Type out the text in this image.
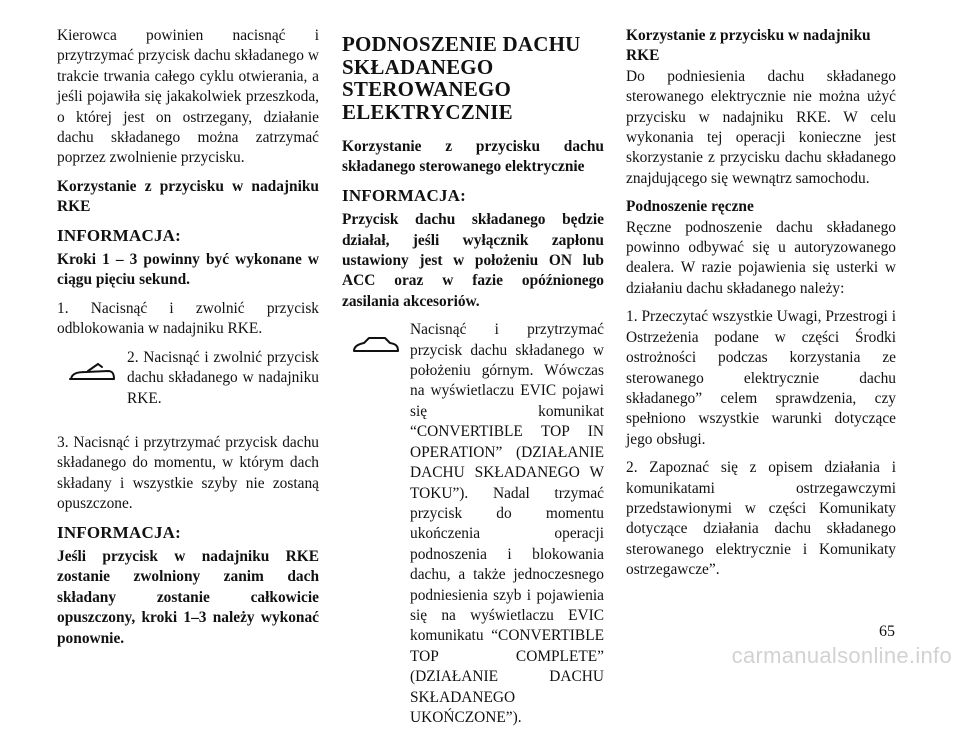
Kierowca powinien nacisnąć i przytrzymać przycisk dachu składanego w trakcie trwania całego cyklu otwierania, a jeśli pojawiła się jakakolwiek przeszkoda, o której jest on ostrzegany, działanie dachu składanego można zatrzymać poprzez zwolnienie przycisku.

Korzystanie z przycisku w nadajniku RKE

INFORMACJA:

Kroki 1 – 3 powinny być wykonane w ciągu pięciu sekund.

1. Nacisnąć i zwolnić przycisk odblokowania w nadajniku RKE.

2. Nacisnąć i zwolnić przycisk dachu składanego w nadajniku RKE.

3. Nacisnąć i przytrzymać przycisk dachu składanego do momentu, w którym dach składany i wszystkie szyby nie zostaną opuszczone.

INFORMACJA:

Jeśli przycisk w nadajniku RKE zostanie zwolniony zanim dach składany zostanie całkowicie opuszczony, kroki 1–3 należy wykonać ponownie.

PODNOSZENIE DACHU SKŁADANEGO STEROWANEGO ELEKTRYCZNIE

Korzystanie z przycisku dachu składanego sterowanego elektrycznie

INFORMACJA:

Przycisk dachu składanego będzie działał, jeśli wyłącznik zapłonu ustawiony jest w położeniu ON lub ACC oraz w fazie opóźnionego zasilania akcesoriów.

Nacisnąć i przytrzymać przycisk dachu składanego w położeniu górnym. Wówczas na wyświetlaczu EVIC pojawi się komunikat “CONVERTIBLE TOP IN OPERATION” (DZIAŁANIE DACHU SKŁADANEGO W TOKU”). Nadal trzymać przycisk do momentu ukończenia operacji podnoszenia i blokowania dachu, a także jednoczesnego podniesienia szyb i pojawienia się na wyświetlaczu EVIC komunikatu “CONVERTIBLE TOP COMPLETE” (DZIAŁANIE DACHU SKŁADANEGO UKOŃCZONE”).
Korzystanie z przycisku w nadajniku RKE

Do podniesienia dachu składanego sterowanego elektrycznie nie można użyć przycisku w nadajniku RKE. W celu wykonania tej operacji konieczne jest skorzystanie z przycisku dachu składanego znajdującego się wewnątrz samochodu.

Podnoszenie ręczne

Ręczne podnoszenie dachu składanego powinno odbywać się u autoryzowanego dealera. W razie pojawienia się usterki w działaniu dachu składanego należy:

1. Przeczytać wszystkie Uwagi, Przestrogi i Ostrzeżenia podane w części Środki ostrożności podczas korzystania ze sterowanego elektrycznie dachu składanego” celem sprawdzenia, czy spełniono wszystkie warunki dotyczące jego obsługi.

2. Zapoznać się z opisem działania i komunikatami ostrzegawczymi przedstawionymi w części Komunikaty dotyczące działania dachu składanego sterowanego elektrycznie i Komunikaty ostrzegawcze”.

65
carmanualsonline.info
